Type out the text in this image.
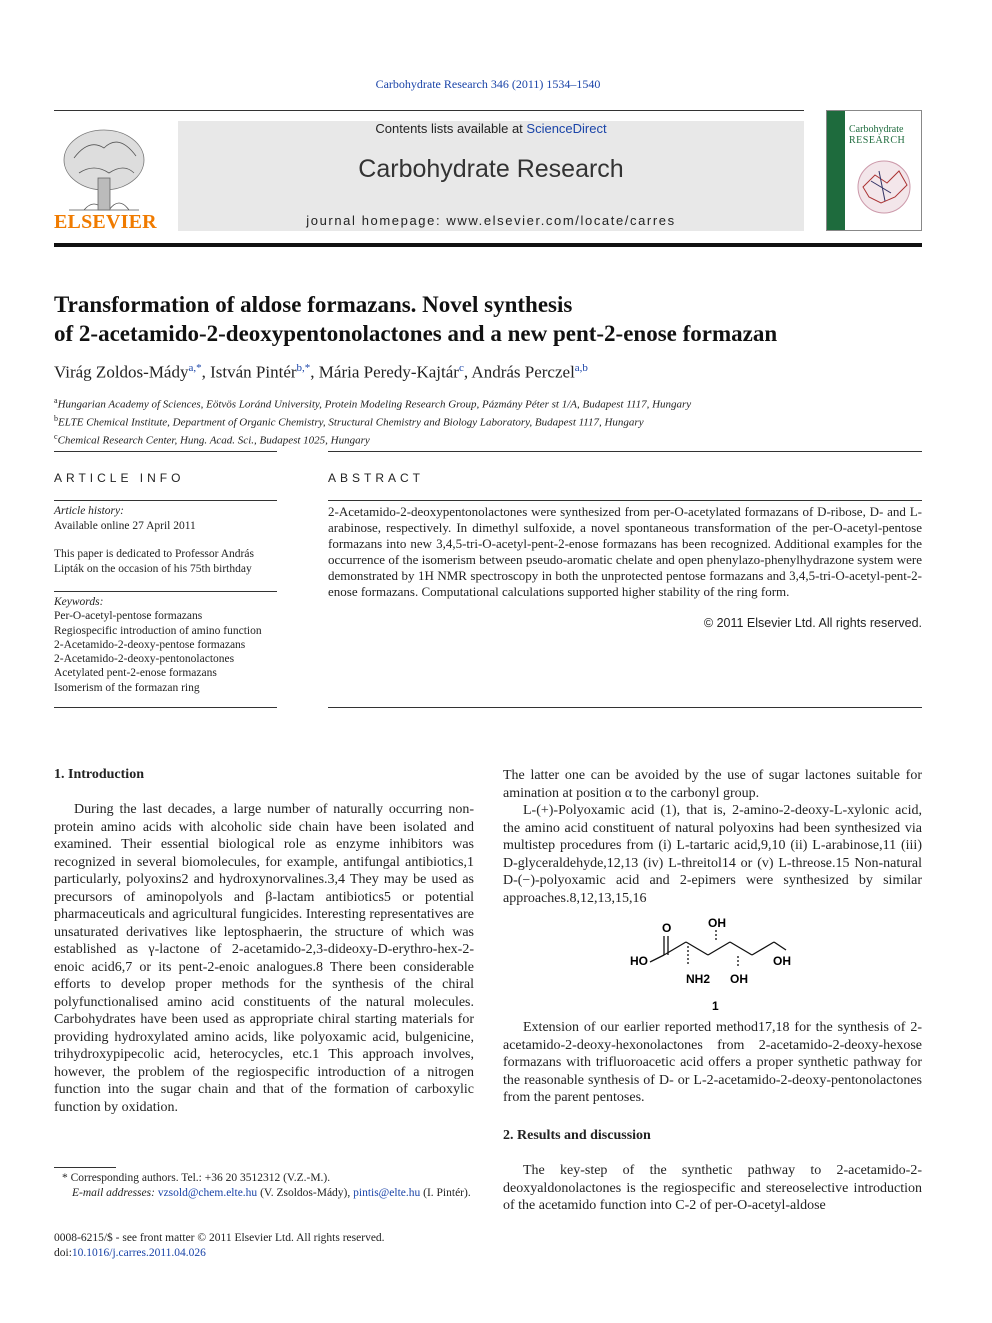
Carbohydrate Research 346 (2011) 1534–1540
ELSEVIER
Contents lists available at ScienceDirect
Carbohydrate Research
journal homepage: www.elsevier.com/locate/carres
Carbohydrate
RESEARCH
Transformation of aldose formazans. Novel synthesis
of 2-acetamido-2-deoxypentonolactones and a new pent-2-enose formazan
Virág Zoldos-Mády$^{a,*}$, István Pintér$^{b,*}$, Mária Peredy-Kajtár$^c$, András Perczel$^{a,b}$
$^a$Hungarian Academy of Sciences, Eötvös Loránd University, Protein Modeling Research Group, Pázmány Péter st 1/A, Budapest 1117, Hungary
$^b$ELTE Chemical Institute, Department of Organic Chemistry, Structural Chemistry and Biology Laboratory, Budapest 1117, Hungary
$^c$Chemical Research Center, Hung. Acad. Sci., Budapest 1025, Hungary
ARTICLE INFO	ABSTRACT
Article history:
Available online 27 April 2011
This paper is dedicated to Professor András Lipták on the occasion of his 75th birthday
Keywords:
Per-O-acetyl-pentose formazans
Regiospecific introduction of amino function
2-Acetamido-2-deoxy-pentose formazans
2-Acetamido-2-deoxy-pentonolactones
Acetylated pent-2-enose formazans
Isomerism of the formazan ring
2-Acetamido-2-deoxypentonolactones were synthesized from per-O-acetylated formazans of D-ribose, D- and L-arabinose, respectively. In dimethyl sulfoxide, a novel spontaneous transformation of the per-O-acetyl-pentose formazans into new 3,4,5-tri-O-acetyl-pent-2-enose formazans has been recognized. Additional examples for the occurrence of the isomerism between pseudo-aromatic chelate and open phenylazo-phenylhydrazone system were demonstrated by 1H NMR spectroscopy in both the unprotected pentose formazans and 3,4,5-tri-O-acetyl-pent-2-enose formazans. Computational calculations supported higher stability of the ring form.
© 2011 Elsevier Ltd. All rights reserved.
1. Introduction
During the last decades, a large number of naturally occurring non-protein amino acids with alcoholic side chain have been isolated and examined. Their essential biological role as enzyme inhibitors was recognized in several biomolecules, for example, antifungal antibiotics,1 particularly, polyoxins2 and hydroxynorvalines.3,4 They may be used as precursors of aminopolyols and β-lactam antibiotics5 or potential pharmaceuticals and agricultural fungicides. Interesting representatives are unsaturated derivatives like leptosphaerin, the structure of which was established as γ-lactone of 2-acetamido-2,3-dideoxy-D-erythro-hex-2-enoic acid6,7 or its pent-2-enoic analogues.8 There been considerable efforts to develop proper methods for the synthesis of the chiral polyfunctionalised amino acid constituents of the natural molecules. Carbohydrates have been used as appropriate chiral starting materials for providing hydroxylated amino acids, like polyoxamic acid, bulgenicine, trihydroxypipecolic acid, heterocycles, etc.1 This approach involves, however, the problem of the regiospecific introduction of a nitrogen function into the sugar chain and that of the formation of carboxylic function by oxidation.
The latter one can be avoided by the use of sugar lactones suitable for amination at position α to the carbonyl group.
L-(+)-Polyoxamic acid (1), that is, 2-amino-2-deoxy-L-xylonic acid, the amino acid constituent of natural polyoxins had been synthesized via multistep procedures from (i) L-tartaric acid,9,10 (ii) L-arabinose,11 (iii) D-glyceraldehyde,12,13 (iv) L-threitol14 or (v) L-threose.15 Non-natural D-(−)-polyoxamic acid and 2-epimers were synthesized by similar approaches.8,12,13,15,16
O
HO
OH
OH
NH2 OH
1
Extension of our earlier reported method17,18 for the synthesis of 2-acetamido-2-deoxy-hexonolactones from 2-acetamido-2-deoxy-hexose formazans with trifluoroacetic acid offers a proper synthetic pathway for the reasonable synthesis of D- or L-2-acetamido-2-deoxy-pentonolactones from the parent pentoses.
2. Results and discussion
The key-step of the synthetic pathway to 2-acetamido-2-deoxyaldonolactones is the regiospecific and stereoselective introduction of the acetamido function into C-2 of per-O-acetyl-aldose
* Corresponding authors. Tel.: +36 20 3512312 (V.Z.-M.).
E-mail addresses: vzsold@chem.elte.hu (V. Zsoldos-Mády), pintis@elte.hu (I. Pintér).
0008-6215/$ - see front matter © 2011 Elsevier Ltd. All rights reserved.
doi:10.1016/j.carres.2011.04.026
